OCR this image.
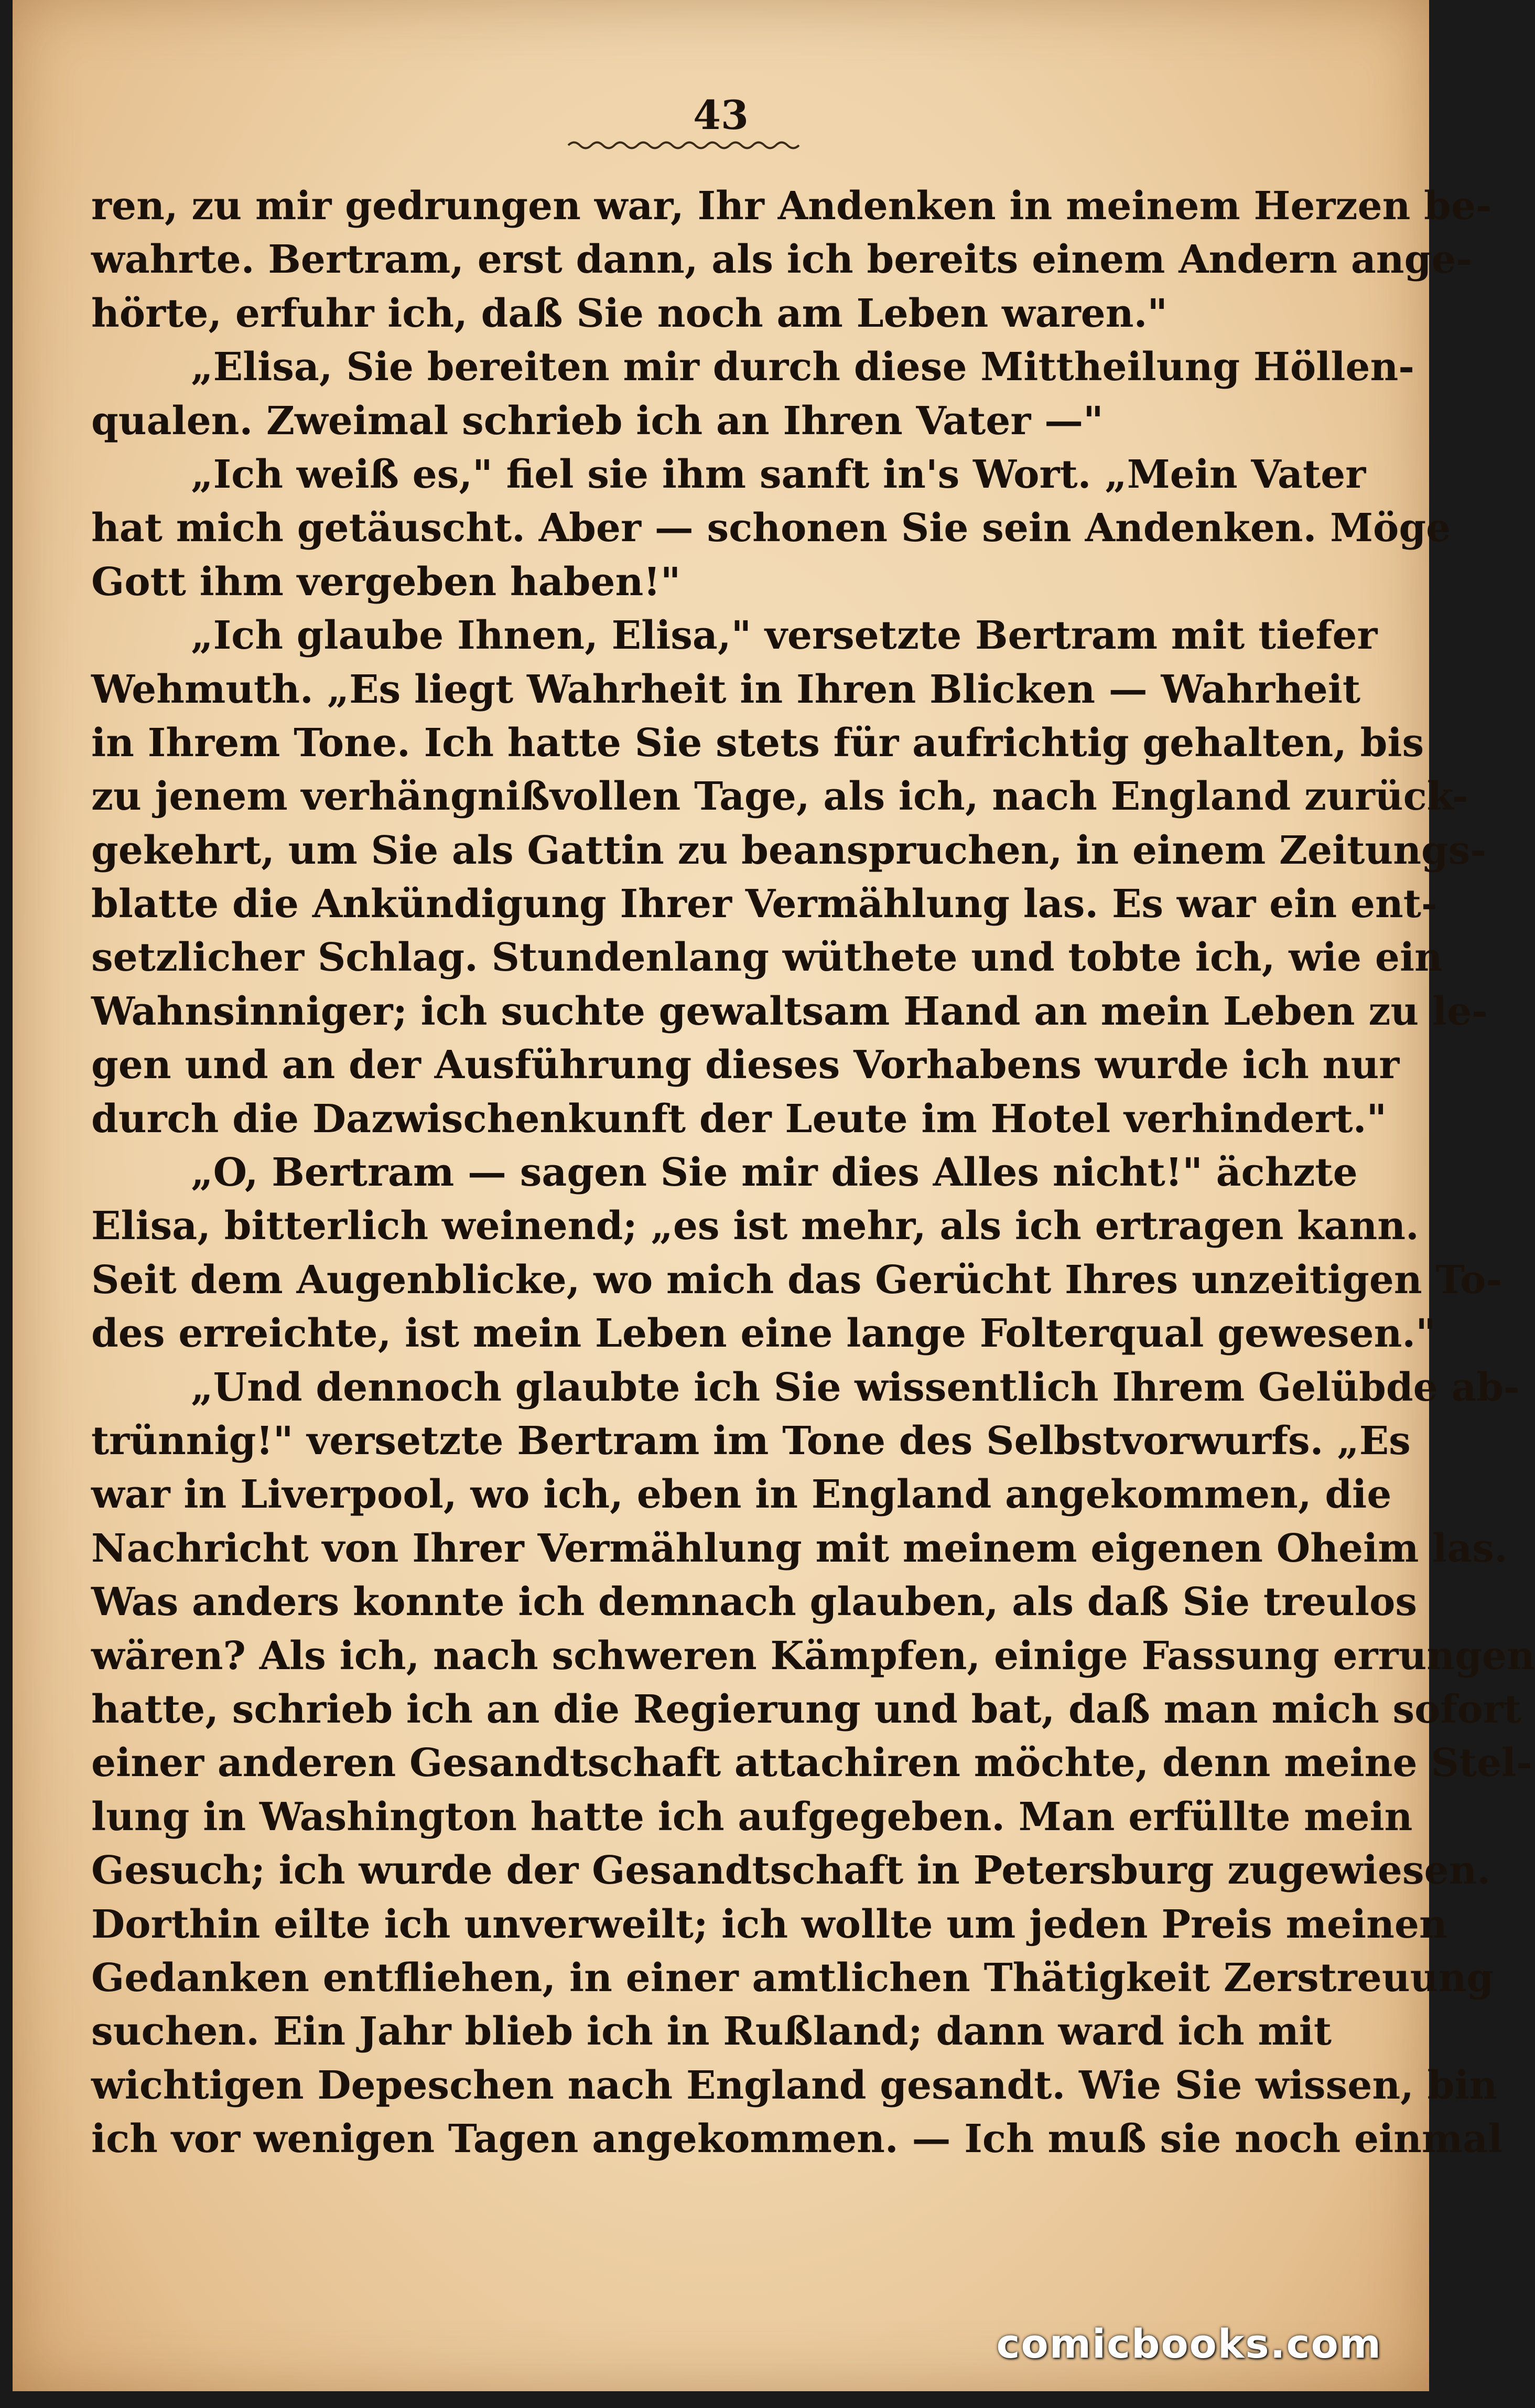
43
ren, zu mir gedrungen war, Ihr Andenken in meinem Herzen be-
wahrte. Bertram, erst dann, als ich bereits einem Andern ange-
hörte, erfuhr ich, daß Sie noch am Leben waren."
„Elisa, Sie bereiten mir durch diese Mittheilung Höllen-
qualen. Zweimal schrieb ich an Ihren Vater —"
„Ich weiß es," fiel sie ihm sanft in's Wort. „Mein Vater
hat mich getäuscht. Aber — schonen Sie sein Andenken. Möge
Gott ihm vergeben haben!"
„Ich glaube Ihnen, Elisa," versetzte Bertram mit tiefer
Wehmuth. „Es liegt Wahrheit in Ihren Blicken — Wahrheit
in Ihrem Tone. Ich hatte Sie stets für aufrichtig gehalten, bis
zu jenem verhängnißvollen Tage, als ich, nach England zurück-
gekehrt, um Sie als Gattin zu beanspruchen, in einem Zeitungs-
blatte die Ankündigung Ihrer Vermählung las. Es war ein ent-
setzlicher Schlag. Stundenlang wüthete und tobte ich, wie ein
Wahnsinniger; ich suchte gewaltsam Hand an mein Leben zu le-
gen und an der Ausführung dieses Vorhabens wurde ich nur
durch die Dazwischenkunft der Leute im Hotel verhindert."
„O, Bertram — sagen Sie mir dies Alles nicht!" ächzte
Elisa, bitterlich weinend; „es ist mehr, als ich ertragen kann.
Seit dem Augenblicke, wo mich das Gerücht Ihres unzeitigen To-
des erreichte, ist mein Leben eine lange Folterqual gewesen."
„Und dennoch glaubte ich Sie wissentlich Ihrem Gelübde ab-
trünnig!" versetzte Bertram im Tone des Selbstvorwurfs. „Es
war in Liverpool, wo ich, eben in England angekommen, die
Nachricht von Ihrer Vermählung mit meinem eigenen Oheim las.
Was anders konnte ich demnach glauben, als daß Sie treulos
wären? Als ich, nach schweren Kämpfen, einige Fassung errungen
hatte, schrieb ich an die Regierung und bat, daß man mich sofort
einer anderen Gesandtschaft attachiren möchte, denn meine Stel-
lung in Washington hatte ich aufgegeben. Man erfüllte mein
Gesuch; ich wurde der Gesandtschaft in Petersburg zugewiesen.
Dorthin eilte ich unverweilt; ich wollte um jeden Preis meinen
Gedanken entfliehen, in einer amtlichen Thätigkeit Zerstreuung
suchen. Ein Jahr blieb ich in Rußland; dann ward ich mit
wichtigen Depeschen nach England gesandt. Wie Sie wissen, bin
ich vor wenigen Tagen angekommen. — Ich muß sie noch einmal
comicbooks.com
